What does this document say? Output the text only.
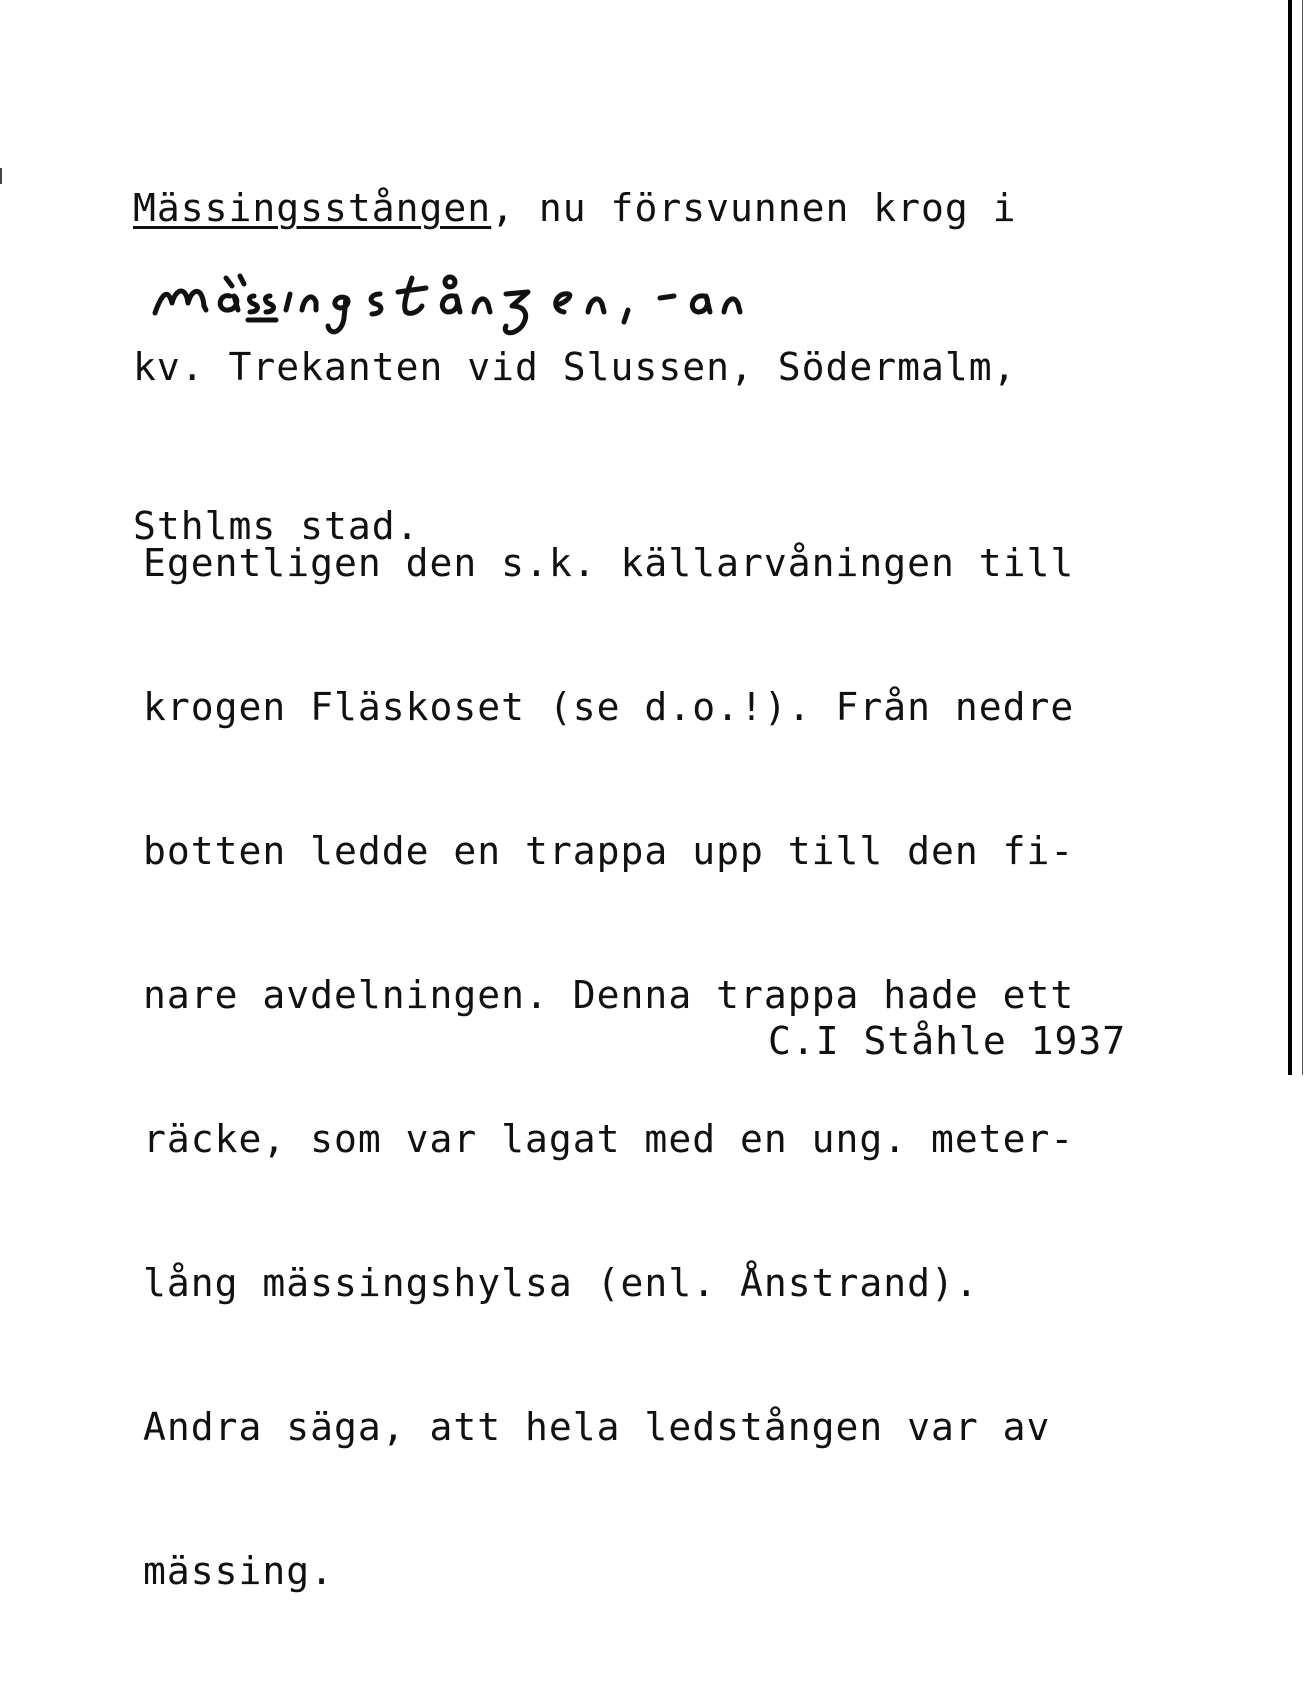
Mässingsstången, nu försvunnen krog i

kv. Trekanten vid Slussen, Södermalm,

Sthlms stad.

Egentligen den s.k. källarvåningen till

krogen Fläskoset (se d.o.!). Från nedre

botten ledde en trappa upp till den fi-

nare avdelningen. Denna trappa hade ett

räcke, som var lagat med en ung. meter-

lång mässingshylsa (enl. Ånstrand).

Andra säga, att hela ledstången var av

mässing.

C.I Ståhle 1937
